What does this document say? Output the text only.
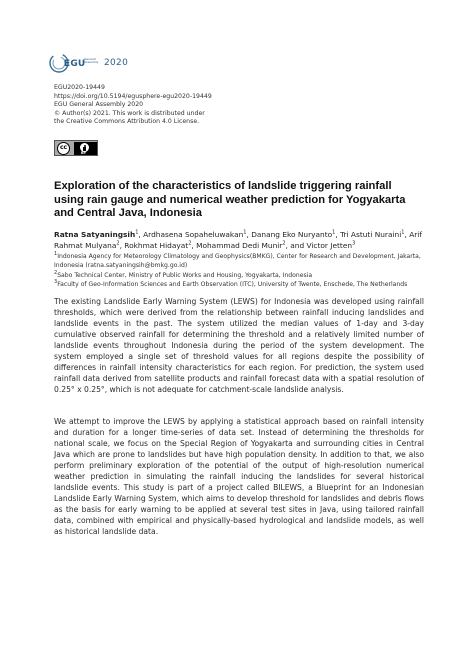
EGU
General Assembly 2020
EGU2020-19449
https://doi.org/10.5194/egusphere-egu2020-19449
EGU General Assembly 2020
© Author(s) 2021. This work is distributed under
the Creative Commons Attribution 4.0 License.
cc
BY
Exploration of the characteristics of landslide triggering rainfall using rain gauge and numerical weather prediction for Yogyakarta and Central Java, Indonesia
Ratna Satyaningsih$^1$, Ardhasena Sopaheluwakan$^1$, Danang Eko Nuryanto$^1$, Tri Astuti Nuraini$^1$, Arif Rahmat Mulyana$^2$, Rokhmat Hidayat$^2$, Mohammad Dedi Munir$^2$, and Victor Jetten$^3$

$^1$Indonesia Agency for Meteorology Climatology and Geophysics(BMKG), Center for Research and Development, Jakarta, Indonesia (ratna.satyaningsih@bmkg.go.id)

$^2$Sabo Technical Center, Ministry of Public Works and Housing, Yogyakarta, Indonesia

$^3$Faculty of Geo-Information Sciences and Earth Observation (ITC), University of Twente, Enschede, The Netherlands

The existing Landslide Early Warning System (LEWS) for Indonesia was developed using rainfall thresholds, which were derived from the relationship between rainfall inducing landslides and landslide events in the past. The system utilized the median values of 1-day and 3-day cumulative observed rainfall for determining the threshold and a relatively limited number of landslide events throughout Indonesia during the period of the system development. The system employed a single set of threshold values for all regions despite the possibility of differences in rainfall intensity characteristics for each region. For prediction, the system used rainfall data derived from satellite products and rainfall forecast data with a spatial resolution of 0.25° x 0.25°, which is not adequate for catchment-scale landslide analysis.

We attempt to improve the LEWS by applying a statistical approach based on rainfall intensity and duration for a longer time-series of data set. Instead of determining the thresholds for national scale, we focus on the Special Region of Yogyakarta and surrounding cities in Central Java which are prone to landslides but have high population density. In addition to that, we also perform preliminary exploration of the potential of the output of high-resolution numerical weather prediction in simulating the rainfall inducing the landslides for several historical landslide events. This study is part of a project called BILEWS, a Blueprint for an Indonesian Landslide Early Warning System, which aims to develop threshold for landslides and debris flows as the basis for early warning to be applied at several test sites in Java, using tailored rainfall data, combined with empirical and physically-based hydrological and landslide models, as well as historical landslide data.
